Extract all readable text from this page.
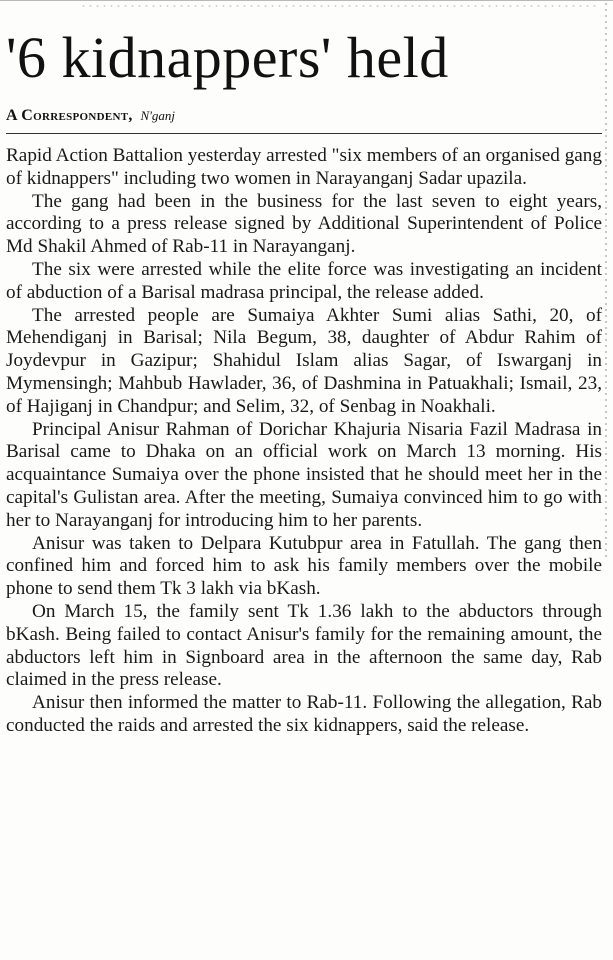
'6 kidnappers' held
A Correspondent, N'ganj

Rapid Action Battalion yesterday arrested "six members of an organised gang of kidnappers" including two women in Narayanganj Sadar upazila.

The gang had been in the business for the last seven to eight years, according to a press release signed by Additional Superintendent of Police Md Shakil Ahmed of Rab-11 in Narayanganj.

The six were arrested while the elite force was investigating an incident of abduction of a Barisal madrasa principal, the release added.

The arrested people are Sumaiya Akhter Sumi alias Sathi, 20, of Mehendiganj in Barisal; Nila Begum, 38, daughter of Abdur Rahim of Joydevpur in Gazipur; Shahidul Islam alias Sagar, of Iswarganj in Mymensingh; Mahbub Hawlader, 36, of Dashmina in Patuakhali; Ismail, 23, of Hajiganj in Chandpur; and Selim, 32, of Senbag in Noakhali.

Principal Anisur Rahman of Dorichar Khajuria Nisaria Fazil Madrasa in Barisal came to Dhaka on an official work on March 13 morning. His acquaintance Sumaiya over the phone insisted that he should meet her in the capital's Gulistan area. After the meeting, Sumaiya convinced him to go with her to Narayanganj for introducing him to her parents.

Anisur was taken to Delpara Kutubpur area in Fatullah. The gang then confined him and forced him to ask his family members over the mobile phone to send them Tk 3 lakh via bKash.

On March 15, the family sent Tk 1.36 lakh to the abductors through bKash. Being failed to contact Anisur's family for the remaining amount, the abductors left him in Signboard area in the afternoon the same day, Rab claimed in the press release.

Anisur then informed the matter to Rab-11. Following the allegation, Rab conducted the raids and arrested the six kidnappers, said the release.
